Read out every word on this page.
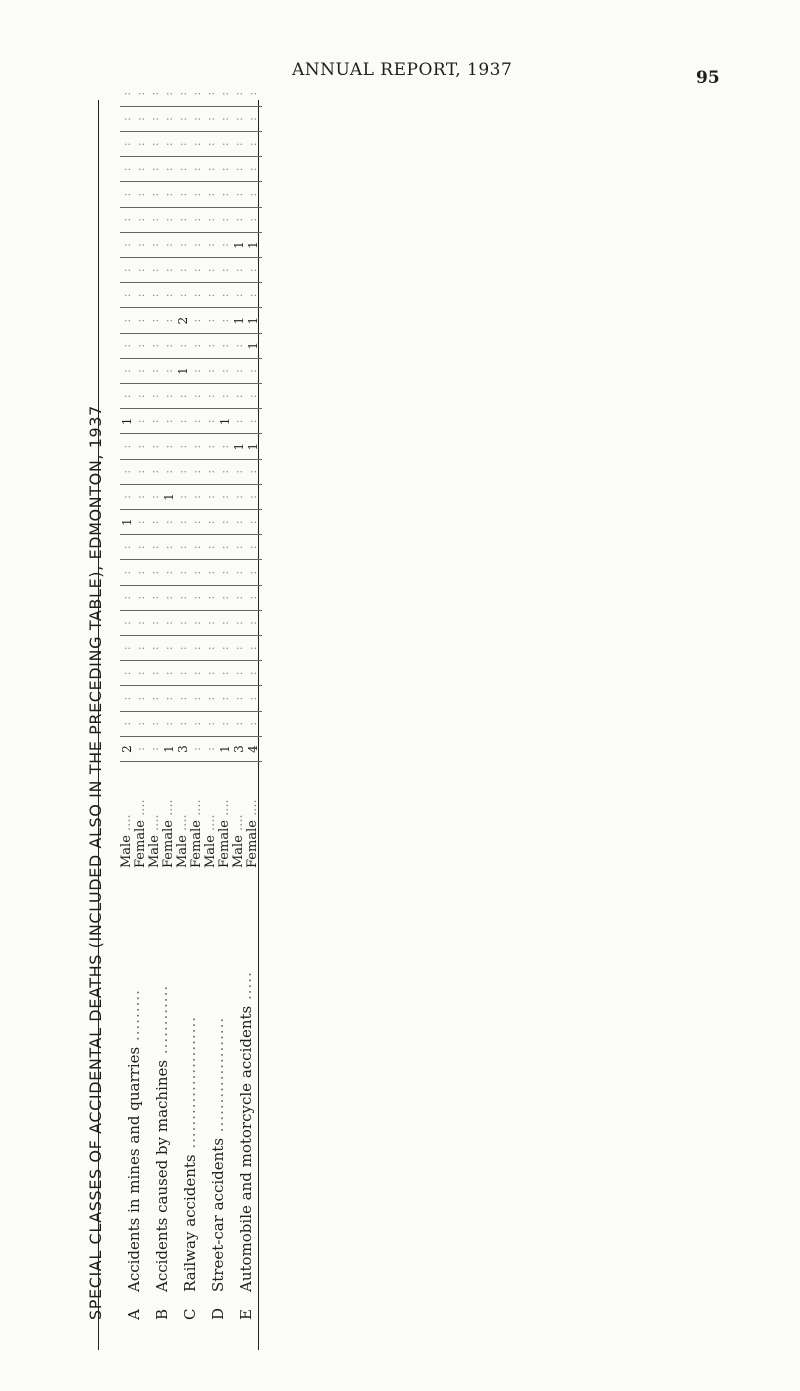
ANNUAL REPORT, 1937	95
SPECIAL CLASSES OF ACCIDENTAL DEATHS (INCLUDED ALSO IN THE PRECEDING TABLE), EDMONTON, 1937	AAccidents in mines and quarries .........
BAccidents caused by machines ............
CRailway accidents .......................
DStreet-car accidents ....................
EAutomobile and motorcycle accidents .....
Male .... Female ....
Male .... Female ....
Male .... Female ....
Male .... Female ....
Male .... Female ....
2 : : 1 3 : : 1 3 4
: : : : : : : : : :
: : : : : : : : : :
: : : : : : : : : :
: : : : : : : : : :
: : : : : : : : : :
: : : : : : : : : :
: : : : : : : : : :
: : : : : : : : : :
1 : : : : : : : : :
: : : 1 : : : : : :
: : : : : : : : : :
: : : : : : : : 1 1
1 : : : : : : 1 : :
: : : : : : : : : :
: : : : 1 : : : : :
: : : : : : : : : 1
: : : : 2 : : : 1 1
: : : : : : : : : :
: : : : : : : : : :
: : : : : : : : 1 1
: : : : : : : : : :
: : : : : : : : : :
: : : : : : : : : :
: : : : : : : : : :
: : : : : : : : : :
: : : : : : : : : :
